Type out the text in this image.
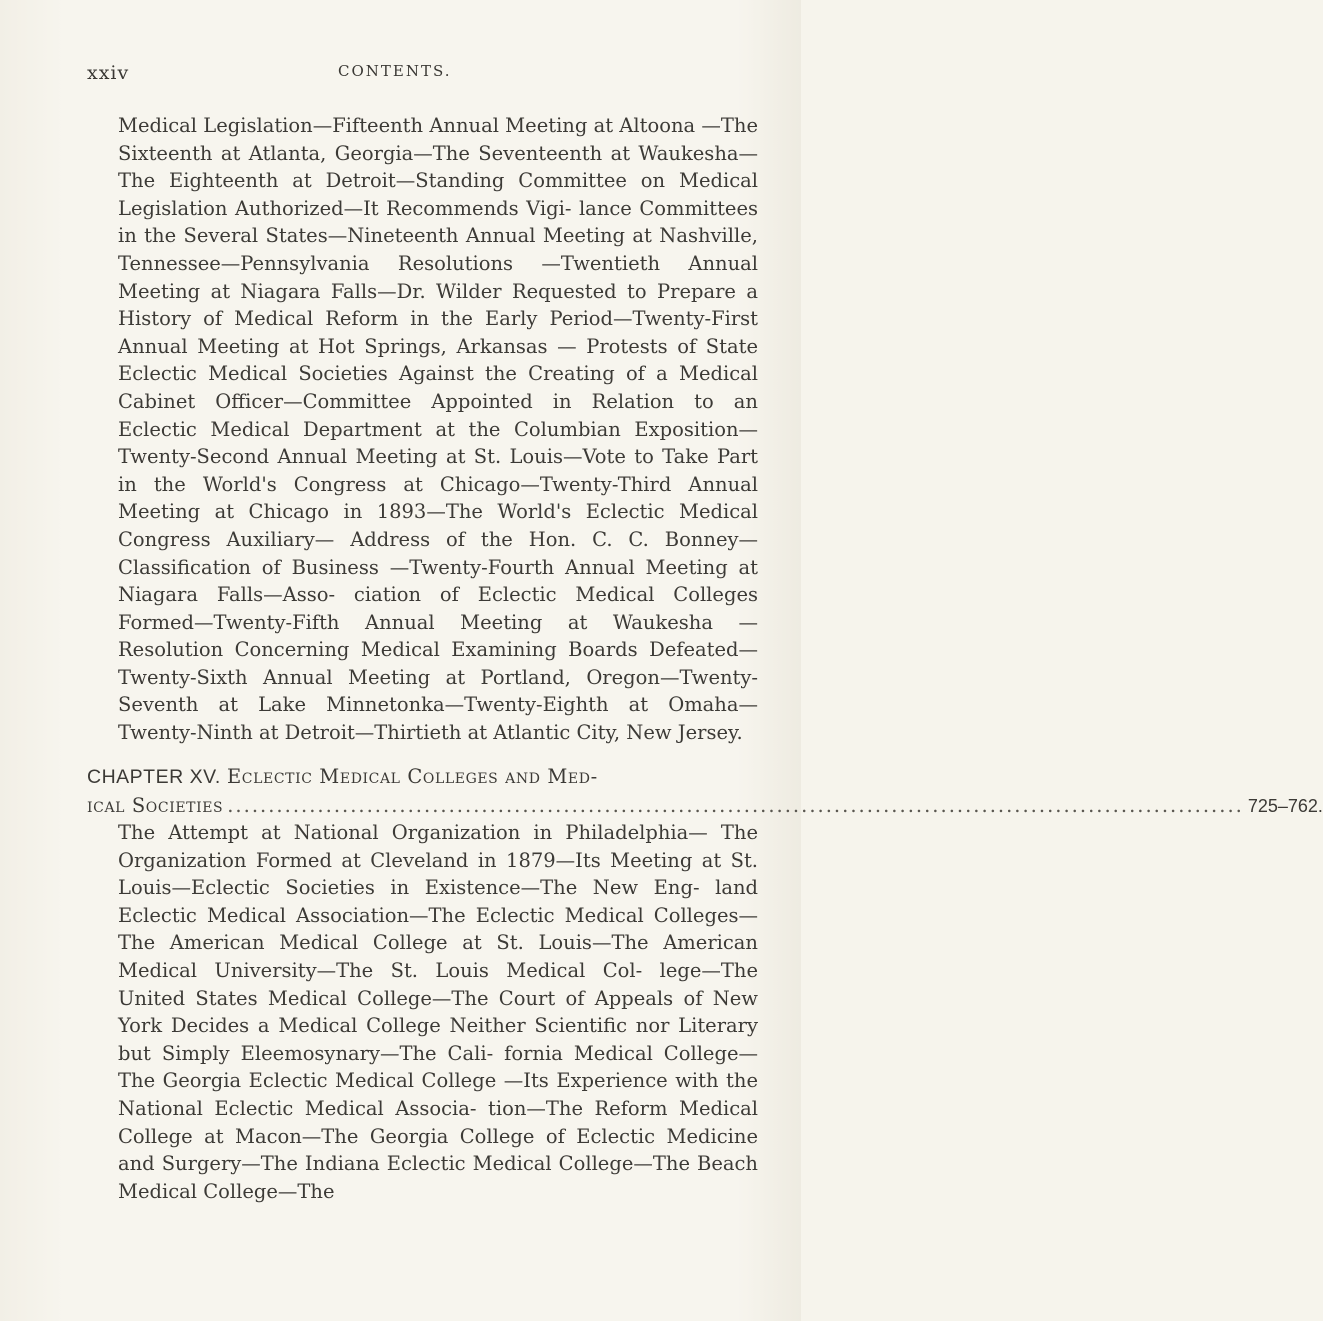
xxiv	CONTENTS.
Medical Legislation—Fifteenth Annual Meeting at Altoona —The Sixteenth at Atlanta, Georgia—The Seventeenth at Waukesha—The Eighteenth at Detroit—Standing Committee on Medical Legislation Authorized—It Recommends Vigi- lance Committees in the Several States—Nineteenth Annual Meeting at Nashville, Tennessee—Pennsylvania Resolutions —Twentieth Annual Meeting at Niagara Falls—Dr. Wilder Requested to Prepare a History of Medical Reform in the Early Period—Twenty-First Annual Meeting at Hot Springs, Arkansas — Protests of State Eclectic Medical Societies Against the Creating of a Medical Cabinet Officer—Committee Appointed in Relation to an Eclectic Medical Department at the Columbian Exposition—Twenty-Second Annual Meeting at St. Louis—Vote to Take Part in the World's Congress at Chicago—Twenty-Third Annual Meeting at Chicago in 1893—The World's Eclectic Medical Congress Auxiliary— Address of the Hon. C. C. Bonney—Classification of Business —Twenty-Fourth Annual Meeting at Niagara Falls—Asso- ciation of Eclectic Medical Colleges Formed—Twenty-Fifth Annual Meeting at Waukesha — Resolution Concerning Medical Examining Boards Defeated—Twenty-Sixth Annual Meeting at Portland, Oregon—Twenty-Seventh at Lake Minnetonka—Twenty-Eighth at Omaha—Twenty-Ninth at Detroit—Thirtieth at Atlantic City, New Jersey.
CHAPTER XV. Eclectic Medical Colleges and Med-
ical Societies ............................................................................................................................ 725–762.
The Attempt at National Organization in Philadelphia— The Organization Formed at Cleveland in 1879—Its Meeting at St. Louis—Eclectic Societies in Existence—The New Eng- land Eclectic Medical Association—The Eclectic Medical Colleges—The American Medical College at St. Louis—The American Medical University—The St. Louis Medical Col- lege—The United States Medical College—The Court of Appeals of New York Decides a Medical College Neither Scientific nor Literary but Simply Eleemosynary—The Cali- fornia Medical College—The Georgia Eclectic Medical College —Its Experience with the National Eclectic Medical Associa- tion—The Reform Medical College at Macon—The Georgia College of Eclectic Medicine and Surgery—The Indiana Eclectic Medical College—The Beach Medical College—The
